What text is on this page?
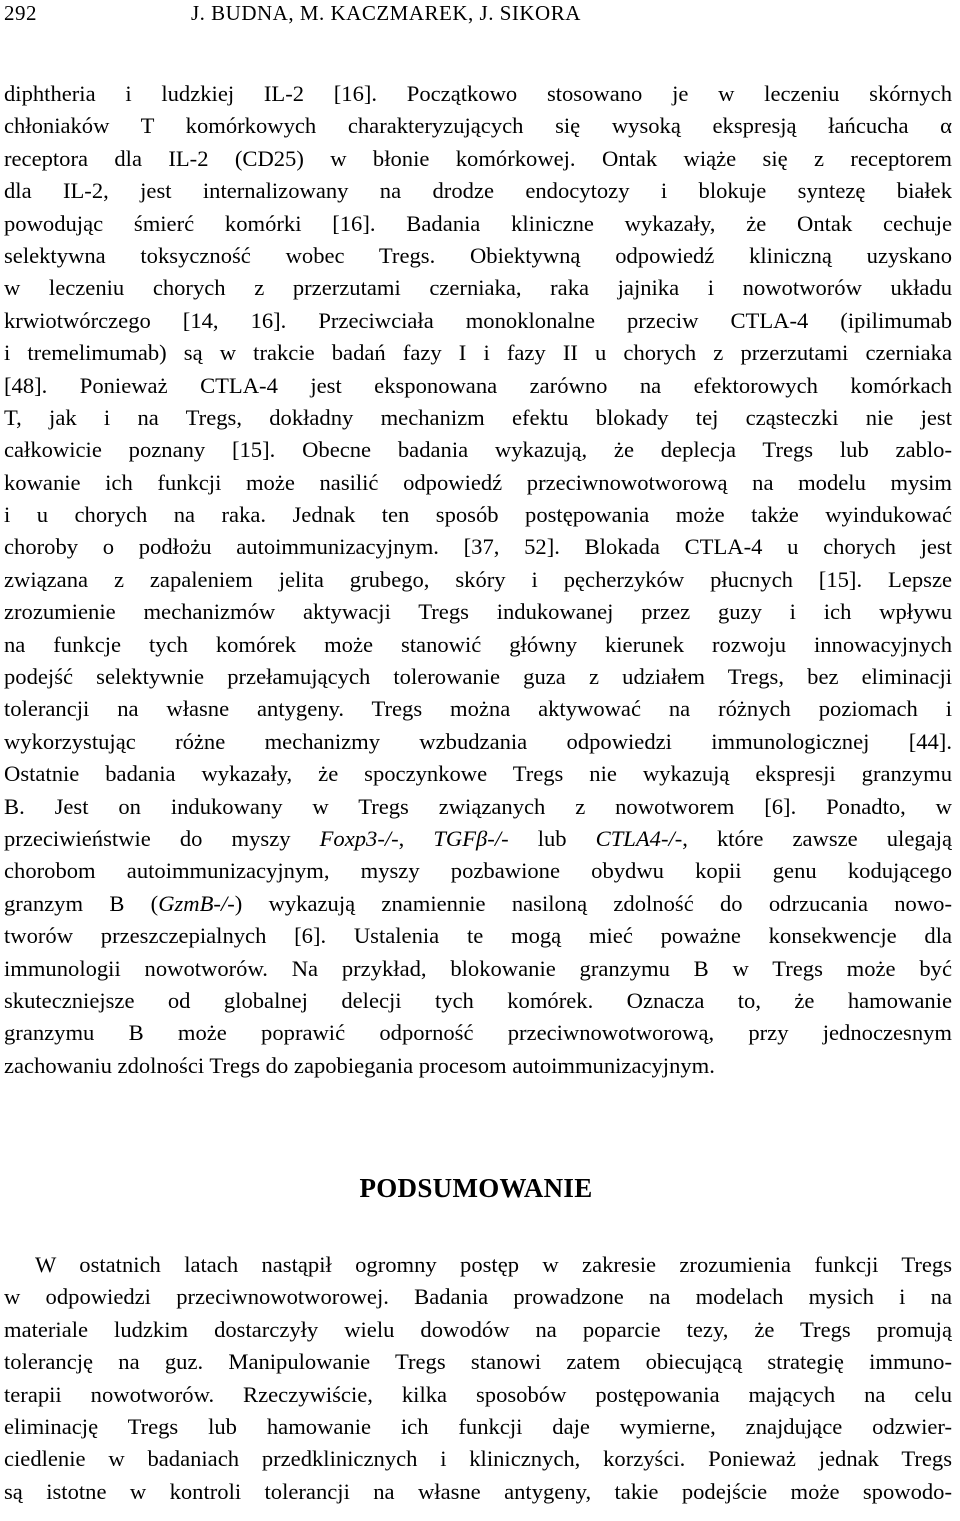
292	J. BUDNA, M. KACZMAREK, J. SIKORA
diphtheria i ludzkiej IL-2 [16]. Początkowo stosowano je w leczeniu skórnych
chłoniaków T komórkowych charakteryzujących się wysoką ekspresją łańcucha α
receptora dla IL-2 (CD25) w błonie komórkowej. Ontak wiąże się z receptorem
dla IL-2, jest internalizowany na drodze endocytozy i blokuje syntezę białek
powodując śmierć komórki [16]. Badania kliniczne wykazały, że Ontak cechuje
selektywna toksyczność wobec Tregs. Obiektywną odpowiedź kliniczną uzyskano
w leczeniu chorych z przerzutami czerniaka, raka jajnika i nowotworów układu
krwiotwórczego [14, 16]. Przeciwciała monoklonalne przeciw CTLA-4 (ipilimumab
i tremelimumab) są w trakcie badań fazy I i fazy II u chorych z przerzutami czerniaka
[48]. Ponieważ CTLA-4 jest eksponowana zarówno na efektorowych komórkach
T, jak i na Tregs, dokładny mechanizm efektu blokady tej cząsteczki nie jest
całkowicie poznany [15]. Obecne badania wykazują, że deplecja Tregs lub zablo-
kowanie ich funkcji może nasilić odpowiedź przeciwnowotworową na modelu mysim
i u chorych na raka. Jednak ten sposób postępowania może także wyindukować
choroby o podłożu autoimmunizacyjnym. [37, 52]. Blokada CTLA-4 u chorych jest
związana z zapaleniem jelita grubego, skóry i pęcherzyków płucnych [15]. Lepsze
zrozumienie mechanizmów aktywacji Tregs indukowanej przez guzy i ich wpływu
na funkcje tych komórek może stanowić główny kierunek rozwoju innowacyjnych
podejść selektywnie przełamujących tolerowanie guza z udziałem Tregs, bez eliminacji
tolerancji na własne antygeny. Tregs można aktywować na różnych poziomach i
wykorzystując różne mechanizmy wzbudzania odpowiedzi immunologicznej [44].
Ostatnie badania wykazały, że spoczynkowe Tregs nie wykazują ekspresji granzymu
B. Jest on indukowany w Tregs związanych z nowotworem [6]. Ponadto, w
przeciwieństwie do myszy Foxp3-/-, TGFβ-/- lub CTLA4-/-, które zawsze ulegają
chorobom autoimmunizacyjnym, myszy pozbawione obydwu kopii genu kodującego
granzym B (GzmB-/-) wykazują znamiennie nasiloną zdolność do odrzucania nowo-
tworów przeszczepialnych [6]. Ustalenia te mogą mieć poważne konsekwencje dla
immunologii nowotworów. Na przykład, blokowanie granzymu B w Tregs może być
skuteczniejsze od globalnej delecji tych komórek. Oznacza to, że hamowanie
granzymu B może poprawić odporność przeciwnowotworową, przy jednoczesnym
zachowaniu zdolności Tregs do zapobiegania procesom autoimmunizacyjnym.
PODSUMOWANIE
W ostatnich latach nastąpił ogromny postęp w zakresie zrozumienia funkcji Tregs
w odpowiedzi przeciwnowotworowej. Badania prowadzone na modelach mysich i na
materiale ludzkim dostarczyły wielu dowodów na poparcie tezy, że Tregs promują
tolerancję na guz. Manipulowanie Tregs stanowi zatem obiecującą strategię immuno-
terapii nowotworów. Rzeczywiście, kilka sposobów postępowania mających na celu
eliminację Tregs lub hamowanie ich funkcji daje wymierne, znajdujące odzwier-
ciedlenie w badaniach przedklinicznych i klinicznych, korzyści. Ponieważ jednak Tregs
są istotne w kontroli tolerancji na własne antygeny, takie podejście może spowodo-
